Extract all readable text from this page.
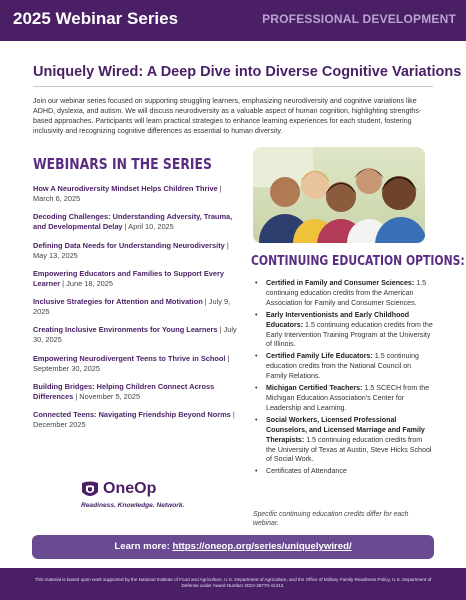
2025 Webinar Series	PROFESSIONAL DEVELOPMENT
Uniquely Wired: A Deep Dive into Diverse Cognitive Variations

Join our webinar series focused on supporting struggling learners, emphasizing neurodiversity and cognitive variations like ADHD, dyslexia, and autism. We will discuss neurodiversity as a valuable aspect of human cognition, highlighting strengths-based approaches. Participants will learn practical strategies to enhance learning experiences for each student, fostering inclusivity and recognizing cognitive differences as essential to human diversity.

WEBINARS IN THE SERIES
How A Neurodiversity Mindset Helps Children Thrive | March 6, 2025
Decoding Challenges: Understanding Adversity, Trauma, and Developmental Delay | April 10, 2025
Defining Data Needs for Understanding Neurodiversity | May 13, 2025
Empowering Educators and Families to Support Every Learner | June 18, 2025
Inclusive Strategies for Attention and Motivation | July 9, 2025
Creating Inclusive Environments for Young Learners | July 30, 2025
Empowering Neurodivergent Teens to Thrive in School | September 30, 2025
Building Bridges: Helping Children Connect Across Differences | November 5, 2025
Connected Teens: Navigating Friendship Beyond Norms | December 2025
CONTINUING EDUCATION OPTIONS:
• Certified in Family and Consumer Sciences: 1.5 continuing education credits from the American Association for Family and Consumer Sciences.
• Early Interventionists and Early Childhood Educators: 1.5 continuing education credits from the Early Intervention Training Program at the University of Illinois.
• Certified Family Life Educators: 1.5 continuing education credits from the National Council on Family Relations.
• Michigan Certified Teachers: 1.5 SCECH from the Michigan Education Association's Center for Leadership and Learning.
• Social Workers, Licensed Professional Counselors, and Licensed Marriage and Family Therapists: 1.5 continuing education credits from the University of Texas at Austin, Steve Hicks School of Social Work.
• Certificates of Attendance

Specific continuing education credits differ for each webinar.

OneOp
Readiness. Knowledge. Network.
Learn more: https://oneop.org/series/uniquelywired/
This material is based upon work supported by the National Institute of Food and Agriculture, U.S. Department of Agriculture, and the Office of Military Family Readiness Policy, U.S. Department of Defense under Award Number 2023-48770-41312.
